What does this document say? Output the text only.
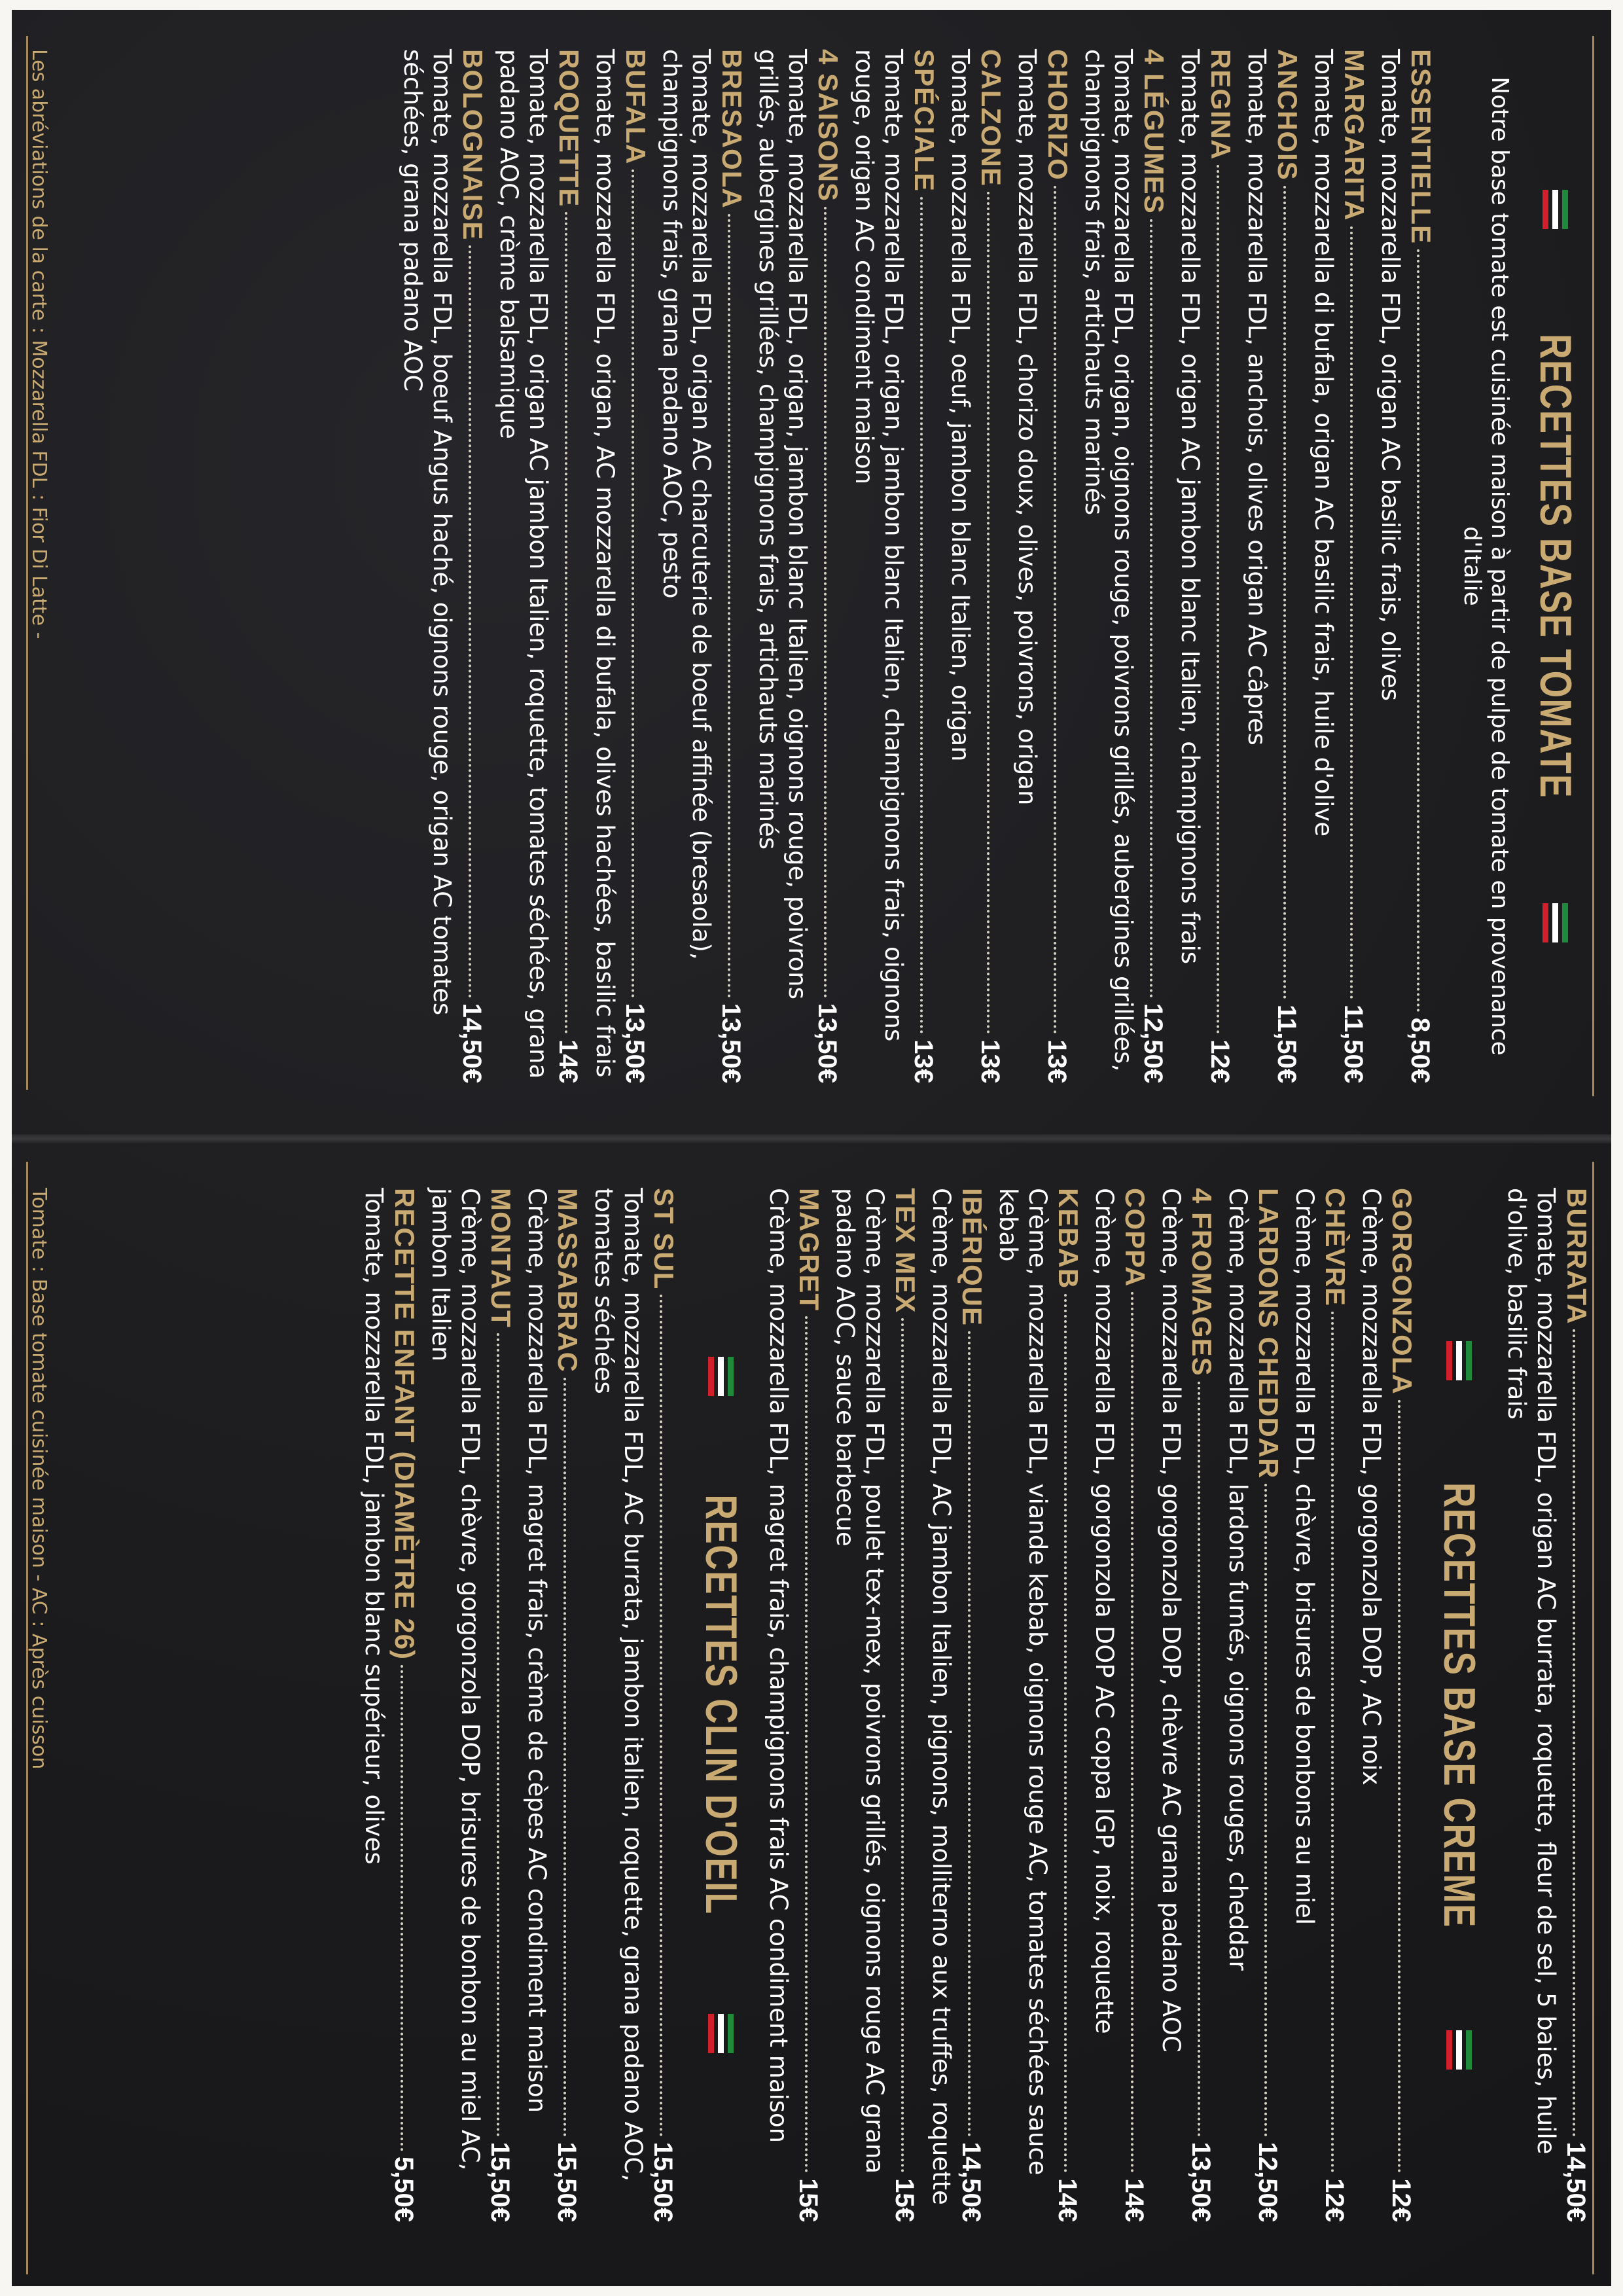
RECETTES BASE TOMATE

Notre base tomate est cuisinée maison à partir de pulpe de tomate en provenance d'Italie

ESSENTIELLE
8,50€

Tomate, mozzarella FDL, origan AC basilic frais, olives

MARGARITA
11,50€

Tomate, mozzarella di bufala, origan AC basilic frais, huile d'olive

ANCHOIS
11,50€

Tomate, mozzarella FDL, anchois, olives origan AC câpres

REGINA
12€

Tomate, mozzarella FDL, origan AC jambon blanc Italien, champignons frais

4 LÉGUMES
12,50€

Tomate, mozzarella FDL, origan, oignons rouge, poivrons grillés, aubergines grillées, champignons frais, artichauts marinés

CHORIZO
13€

Tomate, mozzarella FDL, chorizo doux, olives, poivrons, origan

CALZONE
13€

Tomate, mozzarella FDL, oeuf, jambon blanc Italien, origan

SPÉCIALE
13€

Tomate, mozzarella FDL, origan, jambon blanc Italien, champignons frais, oignons rouge, origan AC condiment maison

4 SAISONS
13,50€

Tomate, mozzarella FDL, origan, jambon blanc Italien, oignons rouge, poivrons grillés, aubergines grillées, champignons frais, artichauts marinés

BRESAOLA
13,50€

Tomate, mozzarella FDL, origan AC charcuterie de boeuf affinée (bresaola), champignons frais, grana padano AOC, pesto

BUFALA
13,50€

Tomate, mozzarella FDL, origan, AC mozzarella di bufala, olives hachées, basilic frais

ROQUETTE
14€

Tomate, mozzarella FDL, origan AC jambon Italien, roquette, tomates séchées, grana padano AOC, crème balsamique

BOLOGNAISE
14,50€

Tomate, mozzarella FDL, boeuf Angus haché, oignons rouge, origan AC tomates séchées, grana padano AOC

Les abréviations de la carte : Mozzarella FDL : Fior Di Latte -
BURRATA
14,50€

Tomate, mozzarella FDL, origan AC burrata, roquette, fleur de sel, 5 baies, huile d'olive, basilic frais

RECETTES BASE CREME
GORGONZOLA
12€

Crème, mozzarella FDL, gorgonzola DOP, AC noix

CHÈVRE
12€

Crème, mozzarella FDL, chèvre, brisures de bonbons au miel

LARDONS CHEDDAR
12,50€

Crème, mozzarella FDL, lardons fumés, oignons rouges, cheddar

4 FROMAGES
13,50€

Crème, mozzarella FDL, gorgonzola DOP, chèvre AC grana padano AOC

COPPA
14€

Crème, mozzarella FDL, gorgonzola DOP AC coppa IGP, noix, roquette

KEBAB
14€

Crème, mozzarella FDL, viande kebab, oignons rouge AC, tomates séchées sauce kebab

IBÉRIQUE
14,50€

Crème, mozzarella FDL, AC jambon Italien, pignons, molliterno aux truffes, roquette

TEX MEX
15€

Crème, mozzarella FDL, poulet tex-mex, poivrons grillés, oignons rouge AC grana padano AOC, sauce barbecue

MAGRET
15€

Crème, mozzarella FDL, magret frais, champignons frais AC condiment maison

RECETTES CLIN D'OEIL
ST SUL
15,50€

Tomate, mozzarella FDL, AC burrata, jambon italien, roquette, grana padano AOC, tomates séchées

MASSABRAC
15,50€

Crème, mozzarella FDL, magret frais, crème de cèpes AC condiment maison

MONTAUT
15,50€

Crème, mozzarella FDL, chèvre, gorgonzola DOP, brisures de bonbon au miel AC, jambon Italien

RECETTE ENFANT (DIAMÈTRE 26)
5,50€

Tomate, mozzarella FDL, jambon blanc supérieur, olives

Tomate : Base tomate cuisinée maison - AC : Après cuisson
